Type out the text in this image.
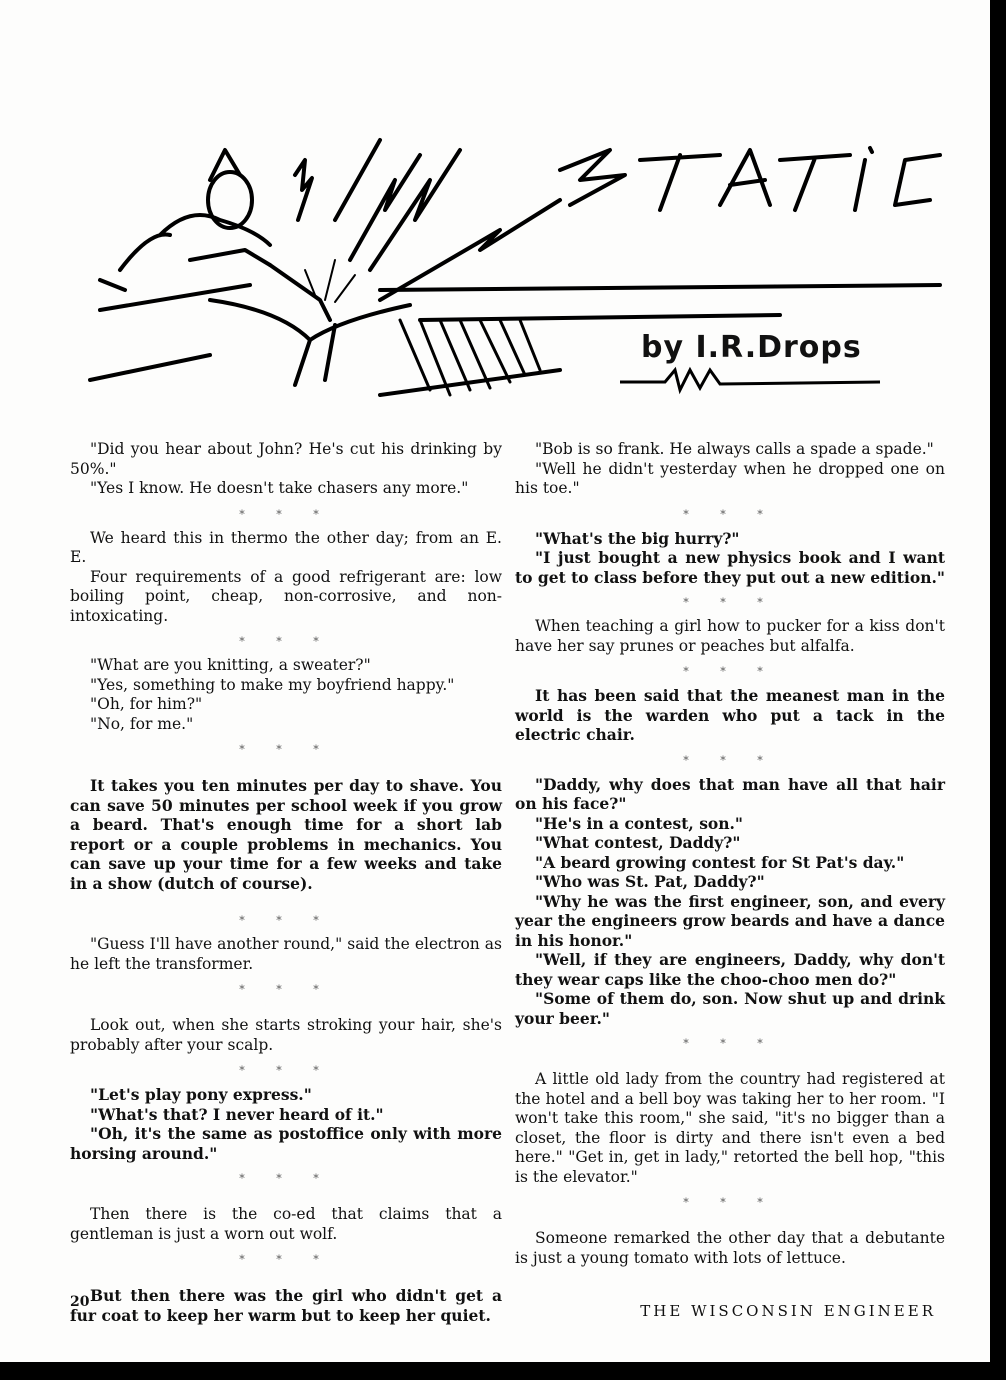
by I.R.Drops

"Did you hear about John? He's cut his drinking by 50%."

"Yes I know. He doesn't take chasers any more."

* * *

We heard this in thermo the other day; from an E. E.

Four requirements of a good refrigerant are: low boiling point, cheap, non-corrosive, and non-intoxicating.

* * *

"What are you knitting, a sweater?"

"Yes, something to make my boyfriend happy."

"Oh, for him?"

"No, for me."

* * *

It takes you ten minutes per day to shave. You can save 50 minutes per school week if you grow a beard. That's enough time for a short lab report or a couple problems in mechanics. You can save up your time for a few weeks and take in a show (dutch of course).

* * *

"Guess I'll have another round," said the electron as he left the transformer.

* * *

Look out, when she starts stroking your hair, she's probably after your scalp.

* * *

"Let's play pony express."

"What's that? I never heard of it."

"Oh, it's the same as postoffice only with more horsing around."

* * *

Then there is the co-ed that claims that a gentleman is just a worn out wolf.

* * *

But then there was the girl who didn't get a fur coat to keep her warm but to keep her quiet.

"Bob is so frank. He always calls a spade a spade."

"Well he didn't yesterday when he dropped one on his toe."

* * *

"What's the big hurry?"

"I just bought a new physics book and I want to get to class before they put out a new edition."

* * *

When teaching a girl how to pucker for a kiss don't have her say prunes or peaches but alfalfa.

* * *

It has been said that the meanest man in the world is the warden who put a tack in the electric chair.

* * *

"Daddy, why does that man have all that hair on his face?"

"He's in a contest, son."

"What contest, Daddy?"

"A beard growing contest for St Pat's day."

"Who was St. Pat, Daddy?"

"Why he was the first engineer, son, and every year the engineers grow beards and have a dance in his honor."

"Well, if they are engineers, Daddy, why don't they wear caps like the choo-choo men do?"

"Some of them do, son. Now shut up and drink your beer."

* * *

A little old lady from the country had registered at the hotel and a bell boy was taking her to her room. "I won't take this room," she said, "it's no bigger than a closet, the floor is dirty and there isn't even a bed here." "Get in, get in lady," retorted the bell hop, "this is the elevator."

* * *

Someone remarked the other day that a debutante is just a young tomato with lots of lettuce.

20	THE WISCONSIN ENGINEER
